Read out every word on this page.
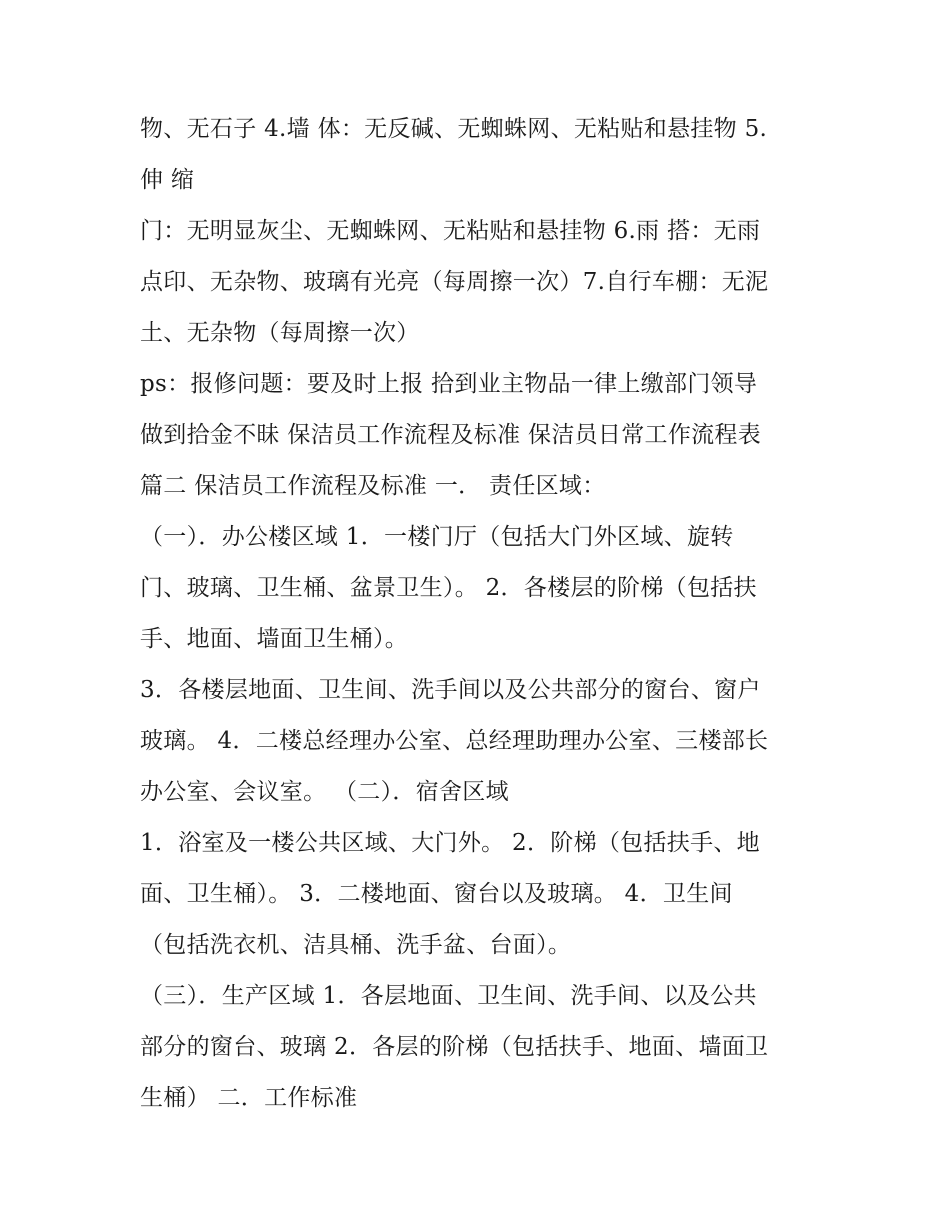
物、无石子 4.墙 体：无反碱、无蜘蛛网、无粘贴和悬挂物 5.
伸 缩
门：无明显灰尘、无蜘蛛网、无粘贴和悬挂物 6.雨 搭：无雨
点印、无杂物、玻璃有光亮（每周擦一次）7.自行车棚：无泥
土、无杂物（每周擦一次）
ps：报修问题：要及时上报 拾到业主物品一律上缴部门领导
做到拾金不昧 保洁员工作流程及标准 保洁员日常工作流程表
篇二 保洁员工作流程及标准 一． 责任区域：
（一）．办公楼区域 1．一楼门厅（包括大门外区域、旋转
门、玻璃、卫生桶、盆景卫生）。 2．各楼层的阶梯（包括扶
手、地面、墙面卫生桶）。
3．各楼层地面、卫生间、洗手间以及公共部分的窗台、窗户
玻璃。 4．二楼总经理办公室、总经理助理办公室、三楼部长
办公室、会议室。 （二）．宿舍区域
1．浴室及一楼公共区域、大门外。 2．阶梯（包括扶手、地
面、卫生桶）。 3．二楼地面、窗台以及玻璃。 4．卫生间
（包括洗衣机、洁具桶、洗手盆、台面）。
（三）．生产区域 1．各层地面、卫生间、洗手间、以及公共
部分的窗台、玻璃 2．各层的阶梯（包括扶手、地面、墙面卫
生桶） 二．工作标准
